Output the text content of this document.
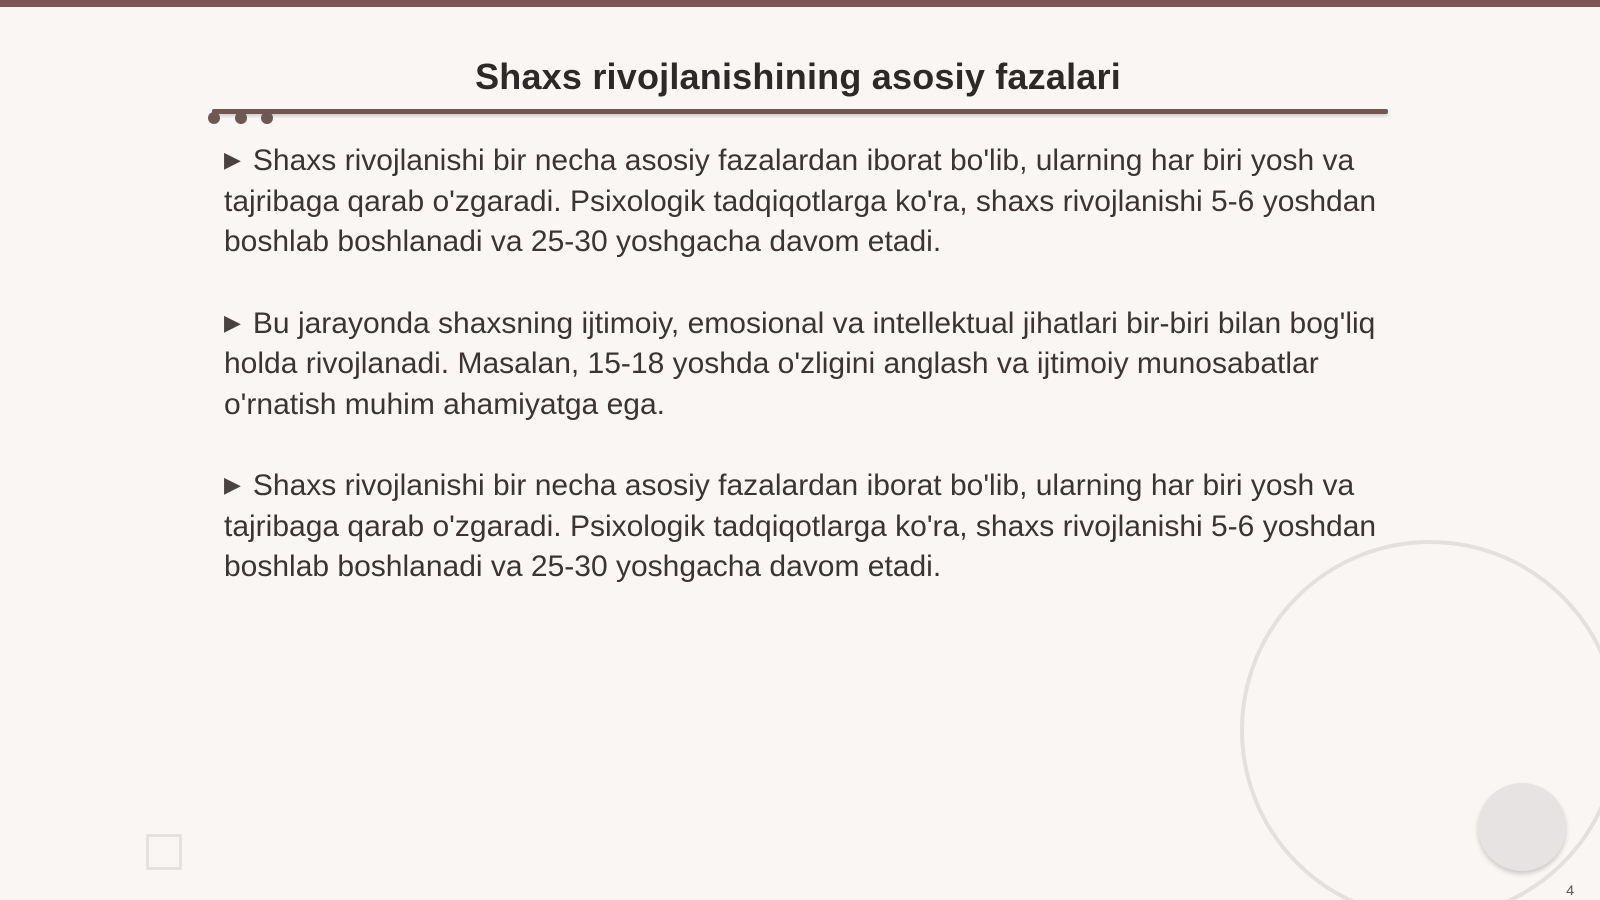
Shaxs rivojlanishining asosiy fazalari
▶ Shaxs rivojlanishi bir necha asosiy fazalardan iborat bo'lib, ularning har biri yosh va tajribaga qarab o'zgaradi. Psixologik tadqiqotlarga ko'ra, shaxs rivojlanishi 5-6 yoshdan boshlab boshlanadi va 25-30 yoshgacha davom etadi.
▶ Bu jarayonda shaxsning ijtimoiy, emosional va intellektual jihatlari bir-biri bilan bog'liq holda rivojlanadi. Masalan, 15-18 yoshda o'zligini anglash va ijtimoiy munosabatlar o'rnatish muhim ahamiyatga ega.
▶ Shaxs rivojlanishi bir necha asosiy fazalardan iborat bo'lib, ularning har biri yosh va tajribaga qarab o'zgaradi. Psixologik tadqiqotlarga ko'ra, shaxs rivojlanishi 5-6 yoshdan boshlab boshlanadi va 25-30 yoshgacha davom etadi.
4
